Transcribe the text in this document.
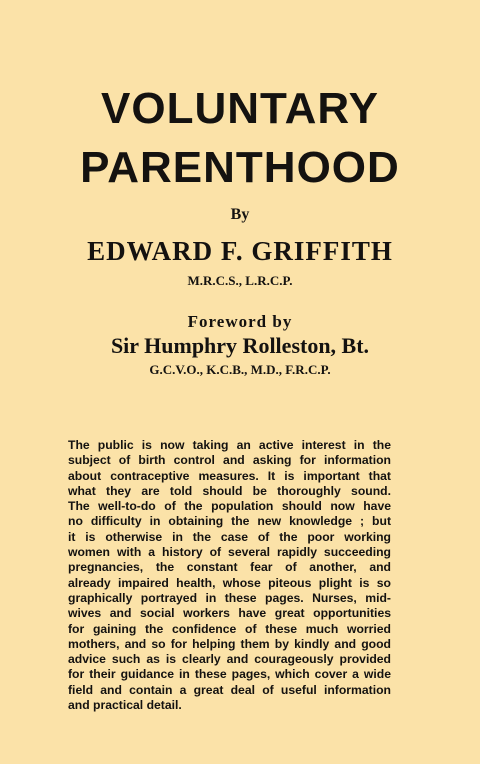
VOLUNTARY
PARENTHOOD
By
EDWARD F. GRIFFITH
M.R.C.S., L.R.C.P.
Foreword by
Sir Humphry Rolleston, Bt.
G.C.V.O., K.C.B., M.D., F.R.C.P.
The public is now taking an active interest in the
subject of birth control and asking for information
about contraceptive measures. It is important that
what they are told should be thoroughly sound.
The well-to-do of the population should now have
no difficulty in obtaining the new knowledge ; but
it is otherwise in the case of the poor working
women with a history of several rapidly succeeding
pregnancies, the constant fear of another, and
already impaired health, whose piteous plight is so
graphically portrayed in these pages. Nurses, mid-
wives and social workers have great opportunities
for gaining the confidence of these much worried
mothers, and so for helping them by kindly and good
advice such as is clearly and courageously provided
for their guidance in these pages, which cover a wide
field and contain a great deal of useful information
and practical detail.
